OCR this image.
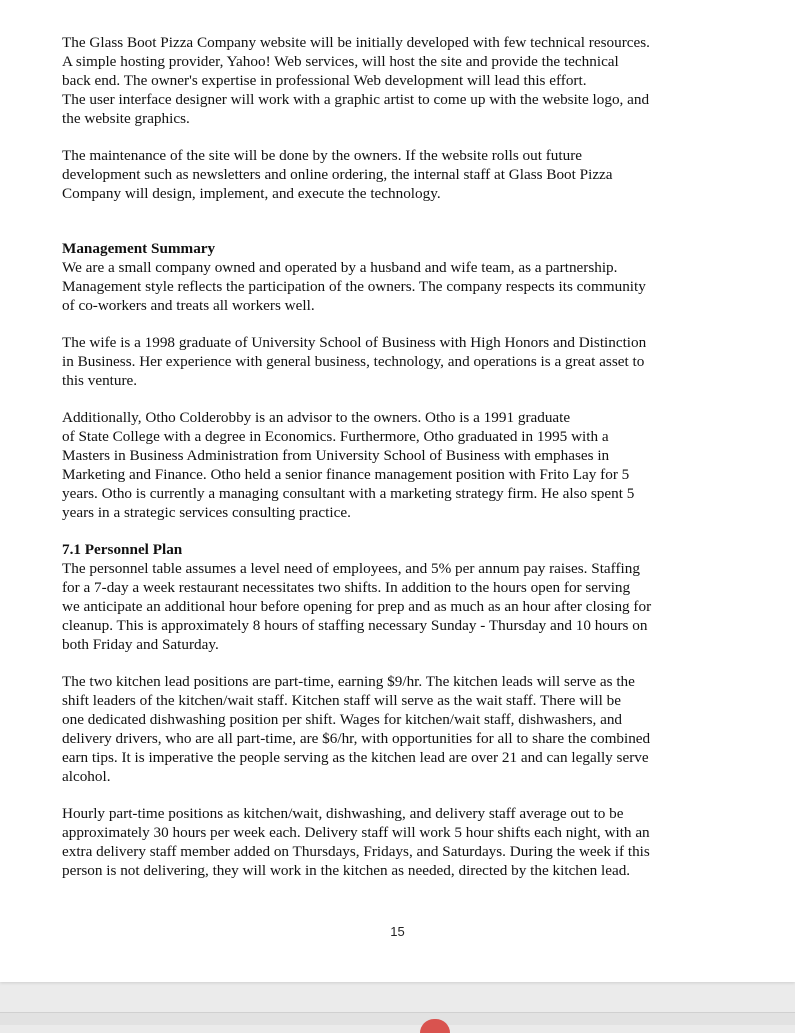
The Glass Boot Pizza Company website will be initially developed with few technical resources.
A simple hosting provider, Yahoo! Web services, will host the site and provide the technical
back end. The owner's expertise in professional Web development will lead this effort.
The user interface designer will work with a graphic artist to come up with the website logo, and
the website graphics.

The maintenance of the site will be done by the owners. If the website rolls out future
development such as newsletters and online ordering, the internal staff at Glass Boot Pizza
Company will design, implement, and execute the technology.

Management Summary

We are a small company owned and operated by a husband and wife team, as a partnership.
Management style reflects the participation of the owners. The company respects its community
of co-workers and treats all workers well.

The wife is a 1998 graduate of University School of Business with High Honors and Distinction
in Business. Her experience with general business, technology, and operations is a great asset to
this venture.

Additionally, Otho Colderobby is an advisor to the owners. Otho is a 1991 graduate
of State College with a degree in Economics. Furthermore, Otho graduated in 1995 with a
Masters in Business Administration from University School of Business with emphases in
Marketing and Finance. Otho held a senior finance management position with Frito Lay for 5
years. Otho is currently a managing consultant with a marketing strategy firm. He also spent 5
years in a strategic services consulting practice.

7.1 Personnel Plan

The personnel table assumes a level need of employees, and 5% per annum pay raises. Staffing
for a 7-day a week restaurant necessitates two shifts. In addition to the hours open for serving
we anticipate an additional hour before opening for prep and as much as an hour after closing for
cleanup. This is approximately 8 hours of staffing necessary Sunday - Thursday and 10 hours on
both Friday and Saturday.

The two kitchen lead positions are part-time, earning $9/hr. The kitchen leads will serve as the
shift leaders of the kitchen/wait staff. Kitchen staff will serve as the wait staff. There will be
one dedicated dishwashing position per shift. Wages for kitchen/wait staff, dishwashers, and
delivery drivers, who are all part-time, are $6/hr, with opportunities for all to share the combined
earn tips. It is imperative the people serving as the kitchen lead are over 21 and can legally serve
alcohol.

Hourly part-time positions as kitchen/wait, dishwashing, and delivery staff average out to be
approximately 30 hours per week each. Delivery staff will work 5 hour shifts each night, with an
extra delivery staff member added on Thursdays, Fridays, and Saturdays. During the week if this
person is not delivering, they will work in the kitchen as needed, directed by the kitchen lead.

15
